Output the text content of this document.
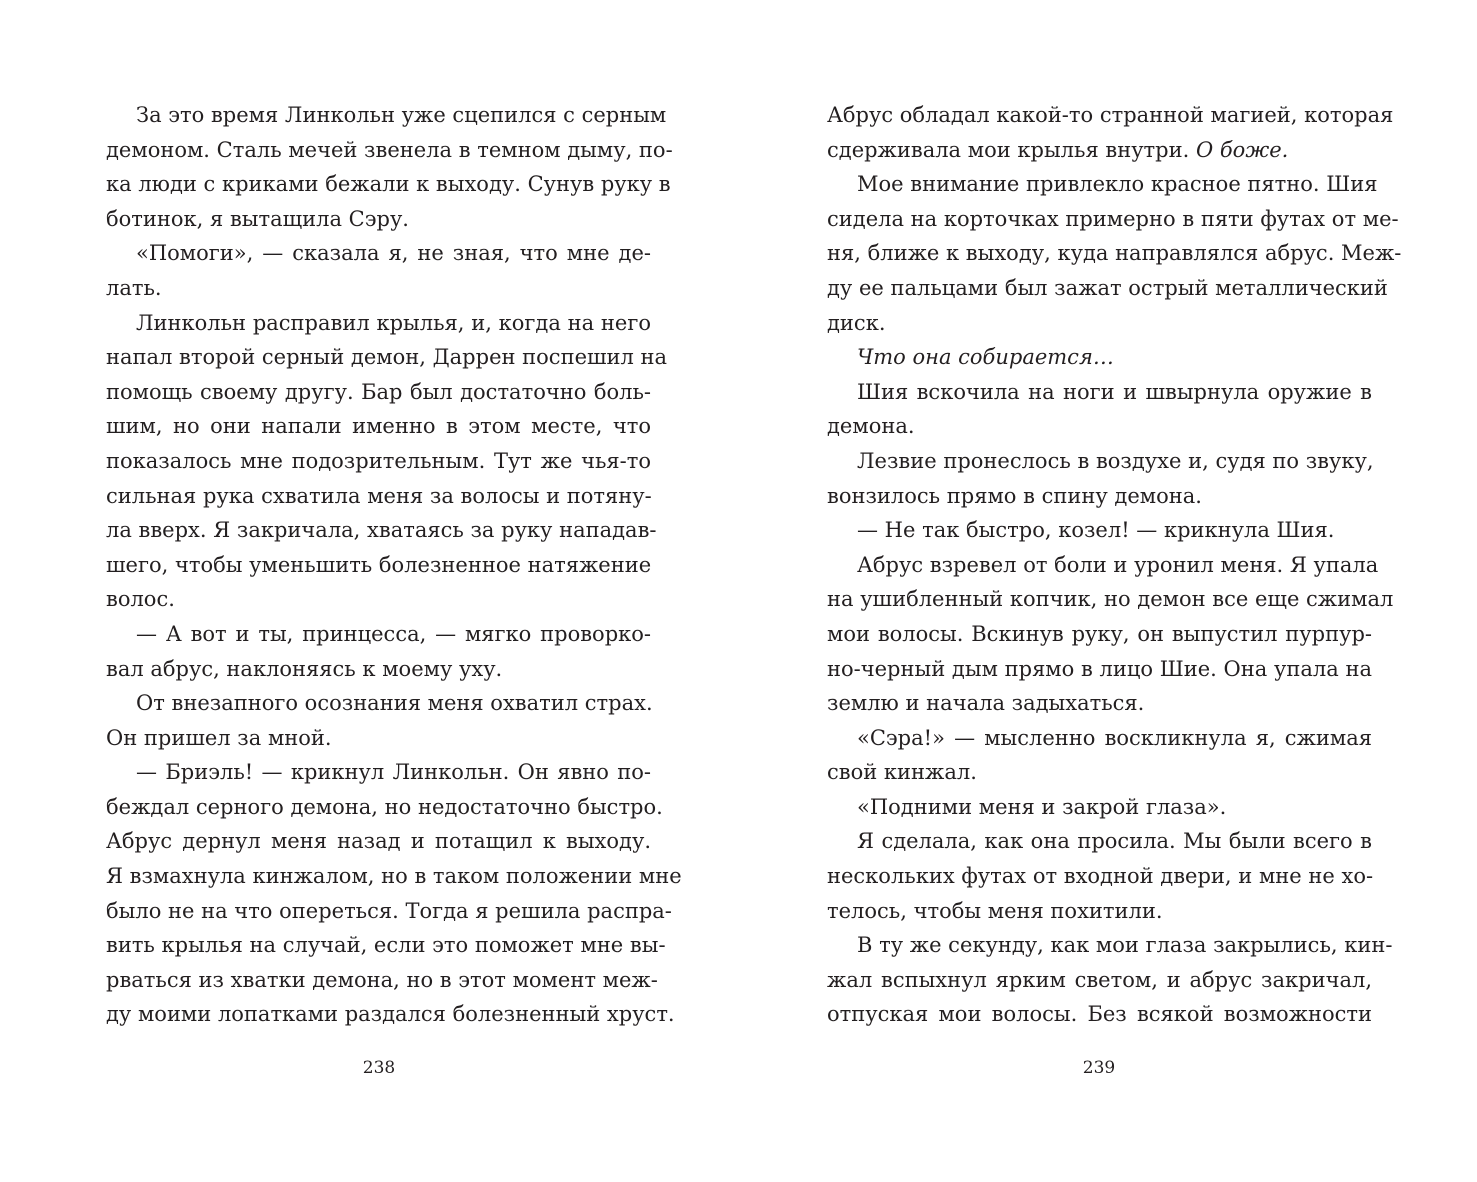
За это время Линкольн уже сцепился с серным
демоном. Сталь мечей звенела в темном дыму, по-
ка люди с криками бежали к выходу. Сунув руку в
ботинок, я вытащила Сэру.
«Помоги», — сказала я, не зная, что мне де-
лать.
Линкольн расправил крылья, и, когда на него
напал второй серный демон, Даррен поспешил на
помощь своему другу. Бар был достаточно боль-
шим, но они напали именно в этом месте, что
показалось мне подозрительным. Тут же чья-то
сильная рука схватила меня за волосы и потяну-
ла вверх. Я закричала, хватаясь за руку нападав-
шего, чтобы уменьшить болезненное натяжение
волос.
— А вот и ты, принцесса, — мягко проворко-
вал абрус, наклоняясь к моему уху.
От внезапного осознания меня охватил страх.
Он пришел за мной.
— Бриэль! — крикнул Линкольн. Он явно по-
беждал серного демона, но недостаточно быстро.
Абрус дернул меня назад и потащил к выходу.
Я взмахнула кинжалом, но в таком положении мне
было не на что опереться. Тогда я решила распра-
вить крылья на случай, если это поможет мне вы-
рваться из хватки демона, но в этот момент меж-
ду моими лопатками раздался болезненный хруст.
Абрус обладал какой-то странной магией, которая
сдерживала мои крылья внутри. О боже.
Мое внимание привлекло красное пятно. Шия
сидела на корточках примерно в пяти футах от ме-
ня, ближе к выходу, куда направлялся абрус. Меж-
ду ее пальцами был зажат острый металлический
диск.
Что она собирается…
Шия вскочила на ноги и швырнула оружие в
демона.
Лезвие пронеслось в воздухе и, судя по звуку,
вонзилось прямо в спину демона.
— Не так быстро, козел! — крикнула Шия.
Абрус взревел от боли и уронил меня. Я упала
на ушибленный копчик, но демон все еще сжимал
мои волосы. Вскинув руку, он выпустил пурпур-
но-черный дым прямо в лицо Шие. Она упала на
землю и начала задыхаться.
«Сэра!» — мысленно воскликнула я, сжимая
свой кинжал.
«Подними меня и закрой глаза».
Я сделала, как она просила. Мы были всего в
нескольких футах от входной двери, и мне не хо-
телось, чтобы меня похитили.
В ту же секунду, как мои глаза закрылись, кин-
жал вспыхнул ярким светом, и абрус закричал,
отпуская мои волосы. Без всякой возможности
238	239
